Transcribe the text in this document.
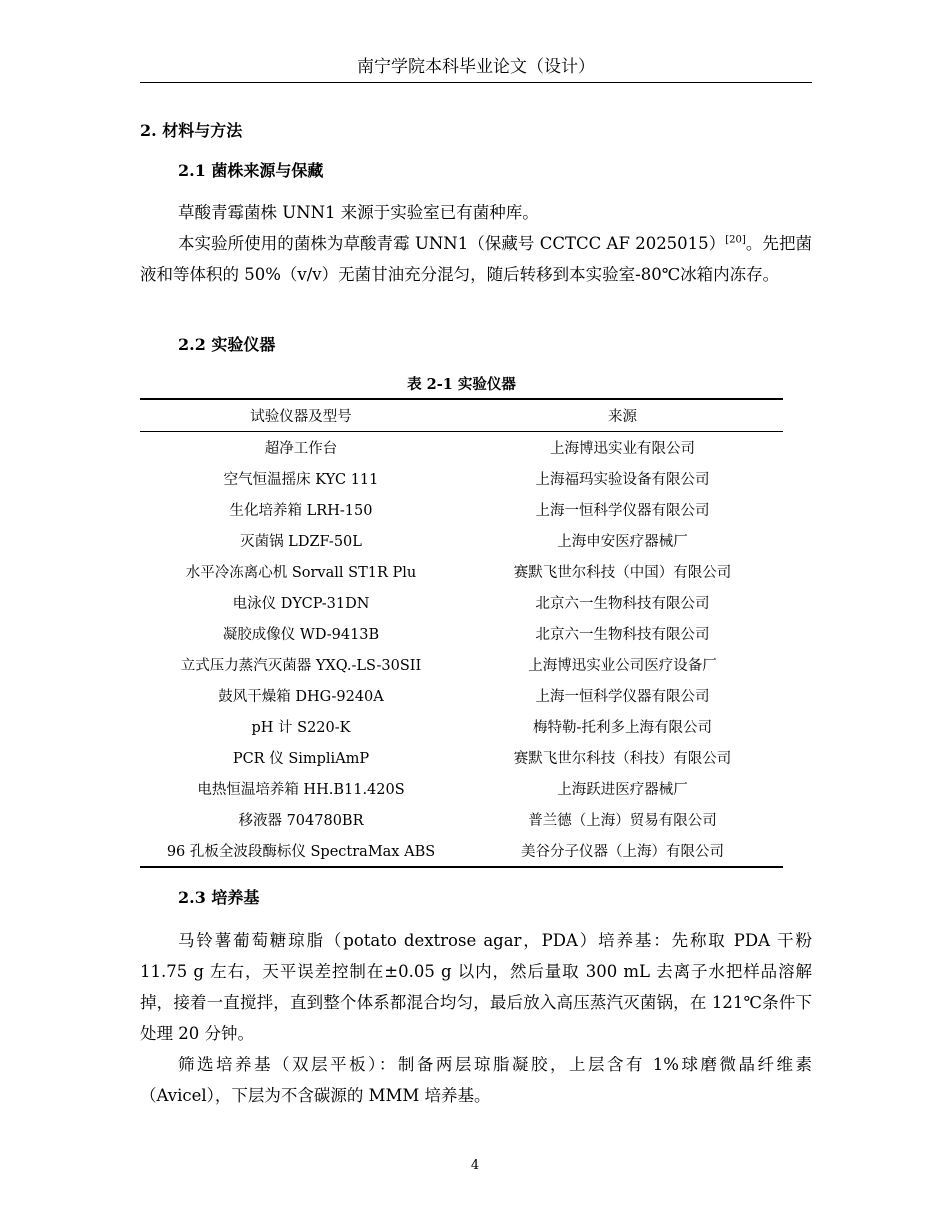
南宁学院本科毕业论文（设计）
2. 材料与方法
2.1 菌株来源与保藏

草酸青霉菌株 UNN1 来源于实验室已有菌种库。

本实验所使用的菌株为草酸青霉 UNN1（保藏号 CCTCC AF 2025015）[20]。先把菌液和等体积的 50%（v/v）无菌甘油充分混匀，随后转移到本实验室-80℃冰箱内冻存。

2.2 实验仪器
表 2-1 实验仪器
试验仪器及型号	来源
超净工作台	上海博迅实业有限公司
空气恒温摇床 KYC 111	上海福玛实验设备有限公司
生化培养箱 LRH-150	上海一恒科学仪器有限公司
灭菌锅 LDZF-50L	上海申安医疗器械厂
水平冷冻离心机 Sorvall ST1R Plu	赛默飞世尔科技（中国）有限公司
电泳仪 DYCP-31DN	北京六一生物科技有限公司
凝胶成像仪 WD-9413B	北京六一生物科技有限公司
立式压力蒸汽灭菌器 YXQ.-LS-30SII	上海博迅实业公司医疗设备厂
鼓风干燥箱 DHG-9240A	上海一恒科学仪器有限公司
pH 计 S220-K	梅特勒-托利多上海有限公司
PCR 仪 SimpliAmP	赛默飞世尔科技（科技）有限公司
电热恒温培养箱 HH.B11.420S	上海跃进医疗器械厂
移液器 704780BR	普兰德（上海）贸易有限公司
96 孔板全波段酶标仪 SpectraMax ABS	美谷分子仪器（上海）有限公司
2.3 培养基

马铃薯葡萄糖琼脂（potato dextrose agar，PDA）培养基：先称取 PDA 干粉 11.75 g 左右，天平误差控制在±0.05 g 以内，然后量取 300 mL 去离子水把样品溶解掉，接着一直搅拌，直到整个体系都混合均匀，最后放入高压蒸汽灭菌锅，在 121℃条件下处理 20 分钟。

筛选培养基（双层平板）：制备两层琼脂凝胶，上层含有 1%球磨微晶纤维素（Avicel），下层为不含碳源的 MMM 培养基。

4
